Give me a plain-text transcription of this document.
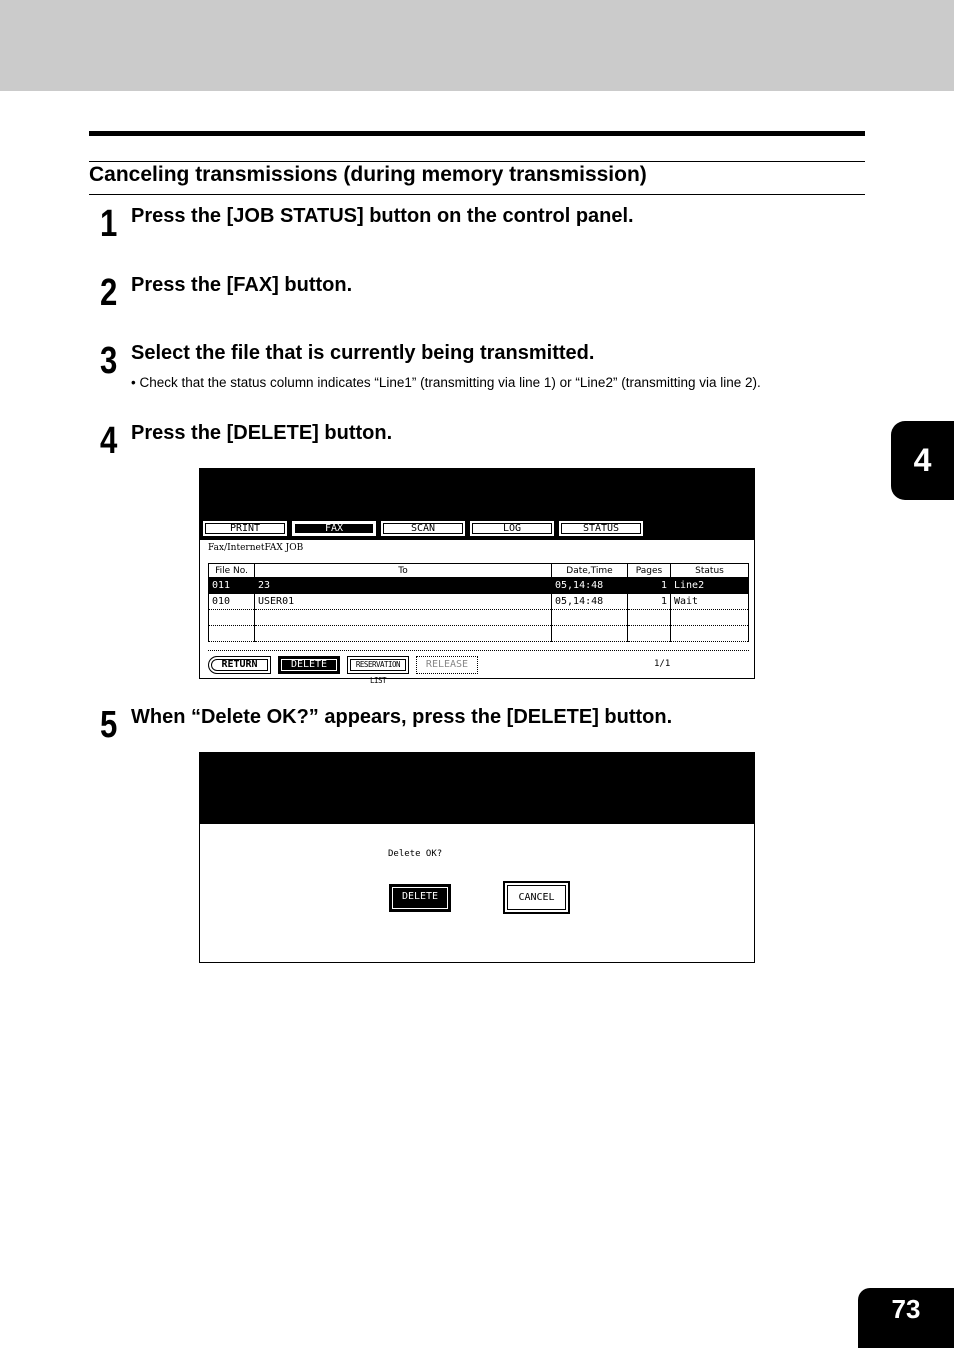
Canceling transmissions (during memory transmission)
1 Press the [JOB STATUS] button on the control panel.
2 Press the [FAX] button.
3 Select the file that is currently being transmitted.
• Check that the status column indicates “Line1” (transmitting via line 1) or “Line2” (transmitting via line 2).
4 Press the [DELETE] button.
PRINT	FAX	SCAN	LOG	STATUS
Fax/InternetFAX JOB
File No.	To	Date,Time	Pages	Status
011	23	05,14:48	1	Line2
010	USER01	05,14:48	1	Wait

RETURN	DELETE	RESERVATION LIST
RELEASE	1/1
5 When “Delete OK?” appears, press the [DELETE] button.
Delete OK?
DELETE	CANCEL
4
73
